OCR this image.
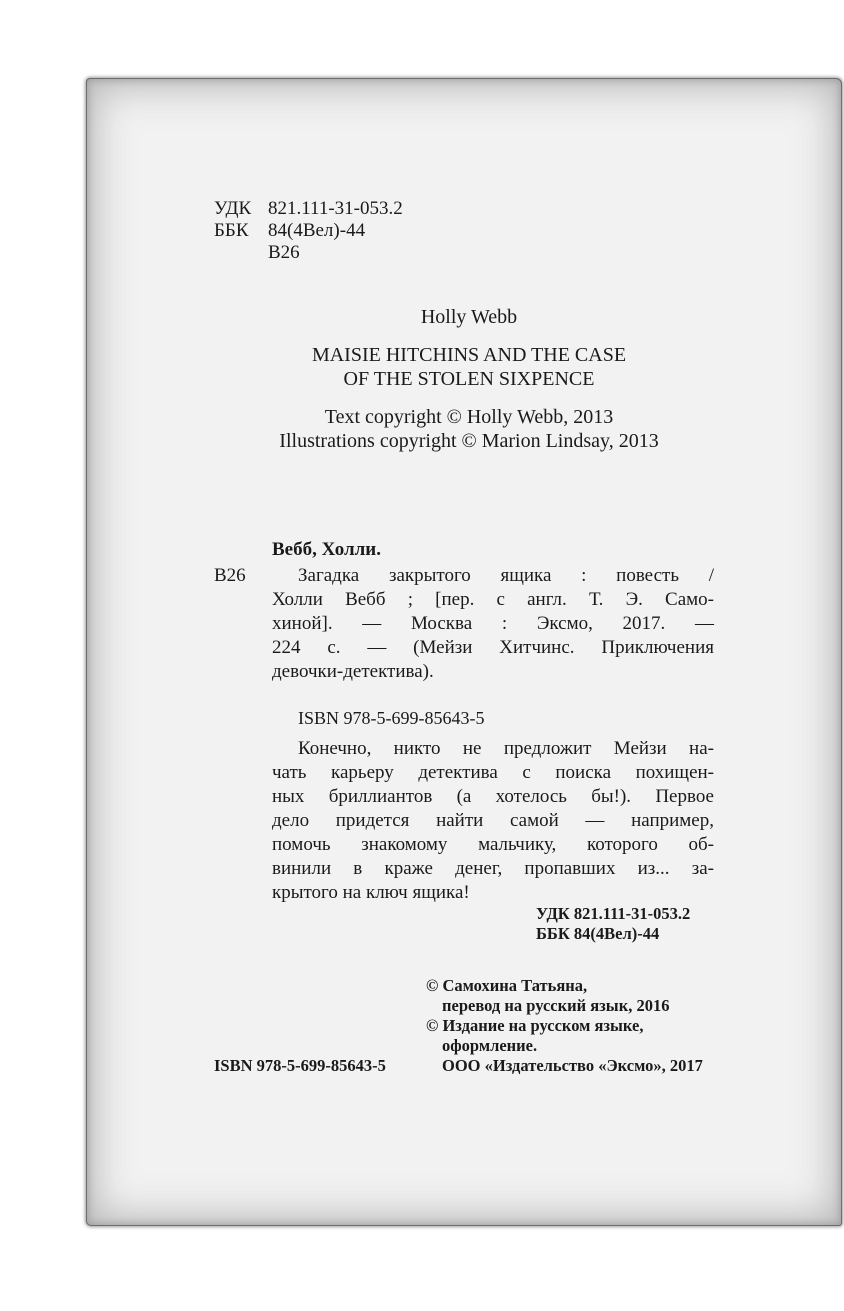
УДК 821.111-31-053.2
ББК 84(4Вел)-44
В26
Holly Webb
MAISIE HITCHINS AND THE CASE
OF THE STOLEN SIXPENCE
Text copyright © Holly Webb, 2013
Illustrations copyright © Marion Lindsay, 2013
Вебб, Холли.
В26	Загадка закрытого ящика : повесть /
Холли Вебб ; [пер. с англ. Т. Э. Само-
хиной]. — Москва : Эксмо, 2017. —
224 с. — (Мейзи Хитчинс. Приключения
девочки-детектива).
ISBN 978-5-699-85643-5
Конечно, никто не предложит Мейзи на-
чать карьеру детектива с поиска похищен-
ных бриллиантов (а хотелось бы!). Первое
дело придется найти самой — например,
помочь знакомому мальчику, которого об-
винили в краже денег, пропавших из... за-
крытого на ключ ящика!
УДК 821.111-31-053.2
ББК 84(4Вел)-44
© Самохина Татьяна,
перевод на русский язык, 2016
© Издание на русском языке,
оформление.
ООО «Издательство «Эксмо», 2017
ISBN 978-5-699-85643-5
